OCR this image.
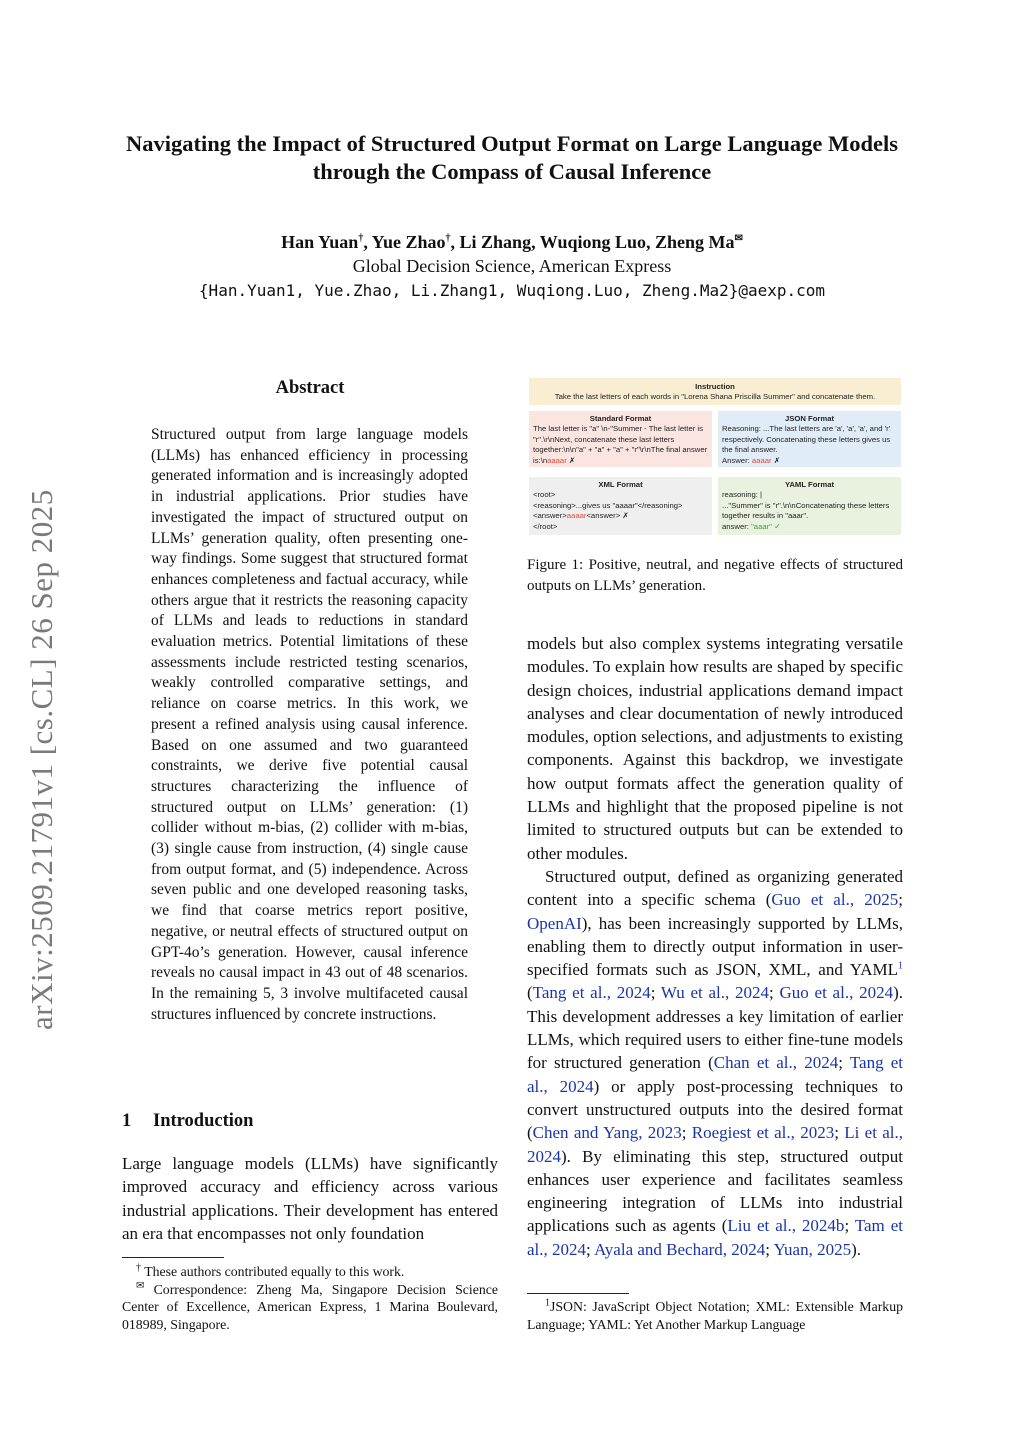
Navigating the Impact of Structured Output Format on Large Language Models through the Compass of Causal Inference

Han Yuan†, Yue Zhao†, Li Zhang, Wuqiong Luo, Zheng Ma✉

Global Decision Science, American Express

{Han.Yuan1, Yue.Zhao, Li.Zhang1, Wuqiong.Luo, Zheng.Ma2}@aexp.com

arXiv:2509.21791v1 [cs.CL] 26 Sep 2025
Abstract

Structured output from large language models (LLMs) has enhanced efficiency in processing generated information and is increasingly adopted in industrial applications. Prior studies have investigated the impact of structured output on LLMs’ generation quality, often presenting one-way findings. Some suggest that structured format enhances completeness and factual accuracy, while others argue that it restricts the reasoning capacity of LLMs and leads to reductions in standard evaluation metrics. Potential limitations of these assessments include restricted testing scenarios, weakly controlled comparative settings, and reliance on coarse metrics. In this work, we present a refined analysis using causal inference. Based on one assumed and two guaranteed constraints, we derive five potential causal structures characterizing the influence of structured output on LLMs’ generation: (1) collider without m-bias, (2) collider with m-bias, (3) single cause from instruction, (4) single cause from output format, and (5) independence. Across seven public and one developed reasoning tasks, we find that coarse metrics report positive, negative, or neutral effects of structured output on GPT-4o’s generation. However, causal inference reveals no causal impact in 43 out of 48 scenarios. In the remaining 5, 3 involve multifaceted causal structures influenced by concrete instructions.

1 Introduction

Large language models (LLMs) have significantly improved accuracy and efficiency across various industrial applications. Their development has entered an era that encompasses not only foundation

† These authors contributed equally to this work.

✉ Correspondence: Zheng Ma, Singapore Decision Science Center of Excellence, American Express, 1 Marina Boulevard, 018989, Singapore.

Instruction
Take the last letters of each words in "Lorena Shana Priscilla Summer" and concatenate them.
Standard Format
The last letter is "a" \n-"Summer - The last letter is "r".\r\nNext, concatenate these last letters together:\n\n"a" + "a" + "a" + "r"\r\nThe final answer is:\naaaar ✗
JSON Format
Reasoning: ...The last letters are 'a', 'a', 'a', and 'r' respectively. Concatenating these letters gives us the final answer.
Answer: aaaar ✗
XML Format
<root>
<reasoning>...gives us "aaaar"</reasoning>
<answer>aaaar<answer> ✗
</root>
YAML Format
reasoning: |
..."Summer" is "r".\n\nConcatenating these letters together results in "aaar".
answer: "aaar" ✓

Figure 1: Positive, neutral, and negative effects of structured outputs on LLMs’ generation.

models but also complex systems integrating versatile modules. To explain how results are shaped by specific design choices, industrial applications demand impact analyses and clear documentation of newly introduced modules, option selections, and adjustments to existing components. Against this backdrop, we investigate how output formats affect the generation quality of LLMs and highlight that the proposed pipeline is not limited to structured outputs but can be extended to other modules.

Structured output, defined as organizing generated content into a specific schema (Guo et al., 2025; OpenAI), has been increasingly supported by LLMs, enabling them to directly output information in user-specified formats such as JSON, XML, and YAML$^1$ (Tang et al., 2024; Wu et al., 2024; Guo et al., 2024). This development addresses a key limitation of earlier LLMs, which required users to either fine-tune models for structured generation (Chan et al., 2024; Tang et al., 2024) or apply post-processing techniques to convert unstructured outputs into the desired format (Chen and Yang, 2023; Roegiest et al., 2023; Li et al., 2024). By eliminating this step, structured output enhances user experience and facilitates seamless engineering integration of LLMs into industrial applications such as agents (Liu et al., 2024b; Tam et al., 2024; Ayala and Bechard, 2024; Yuan, 2025).

$^1$JSON: JavaScript Object Notation; XML: Extensible Markup Language; YAML: Yet Another Markup Language
